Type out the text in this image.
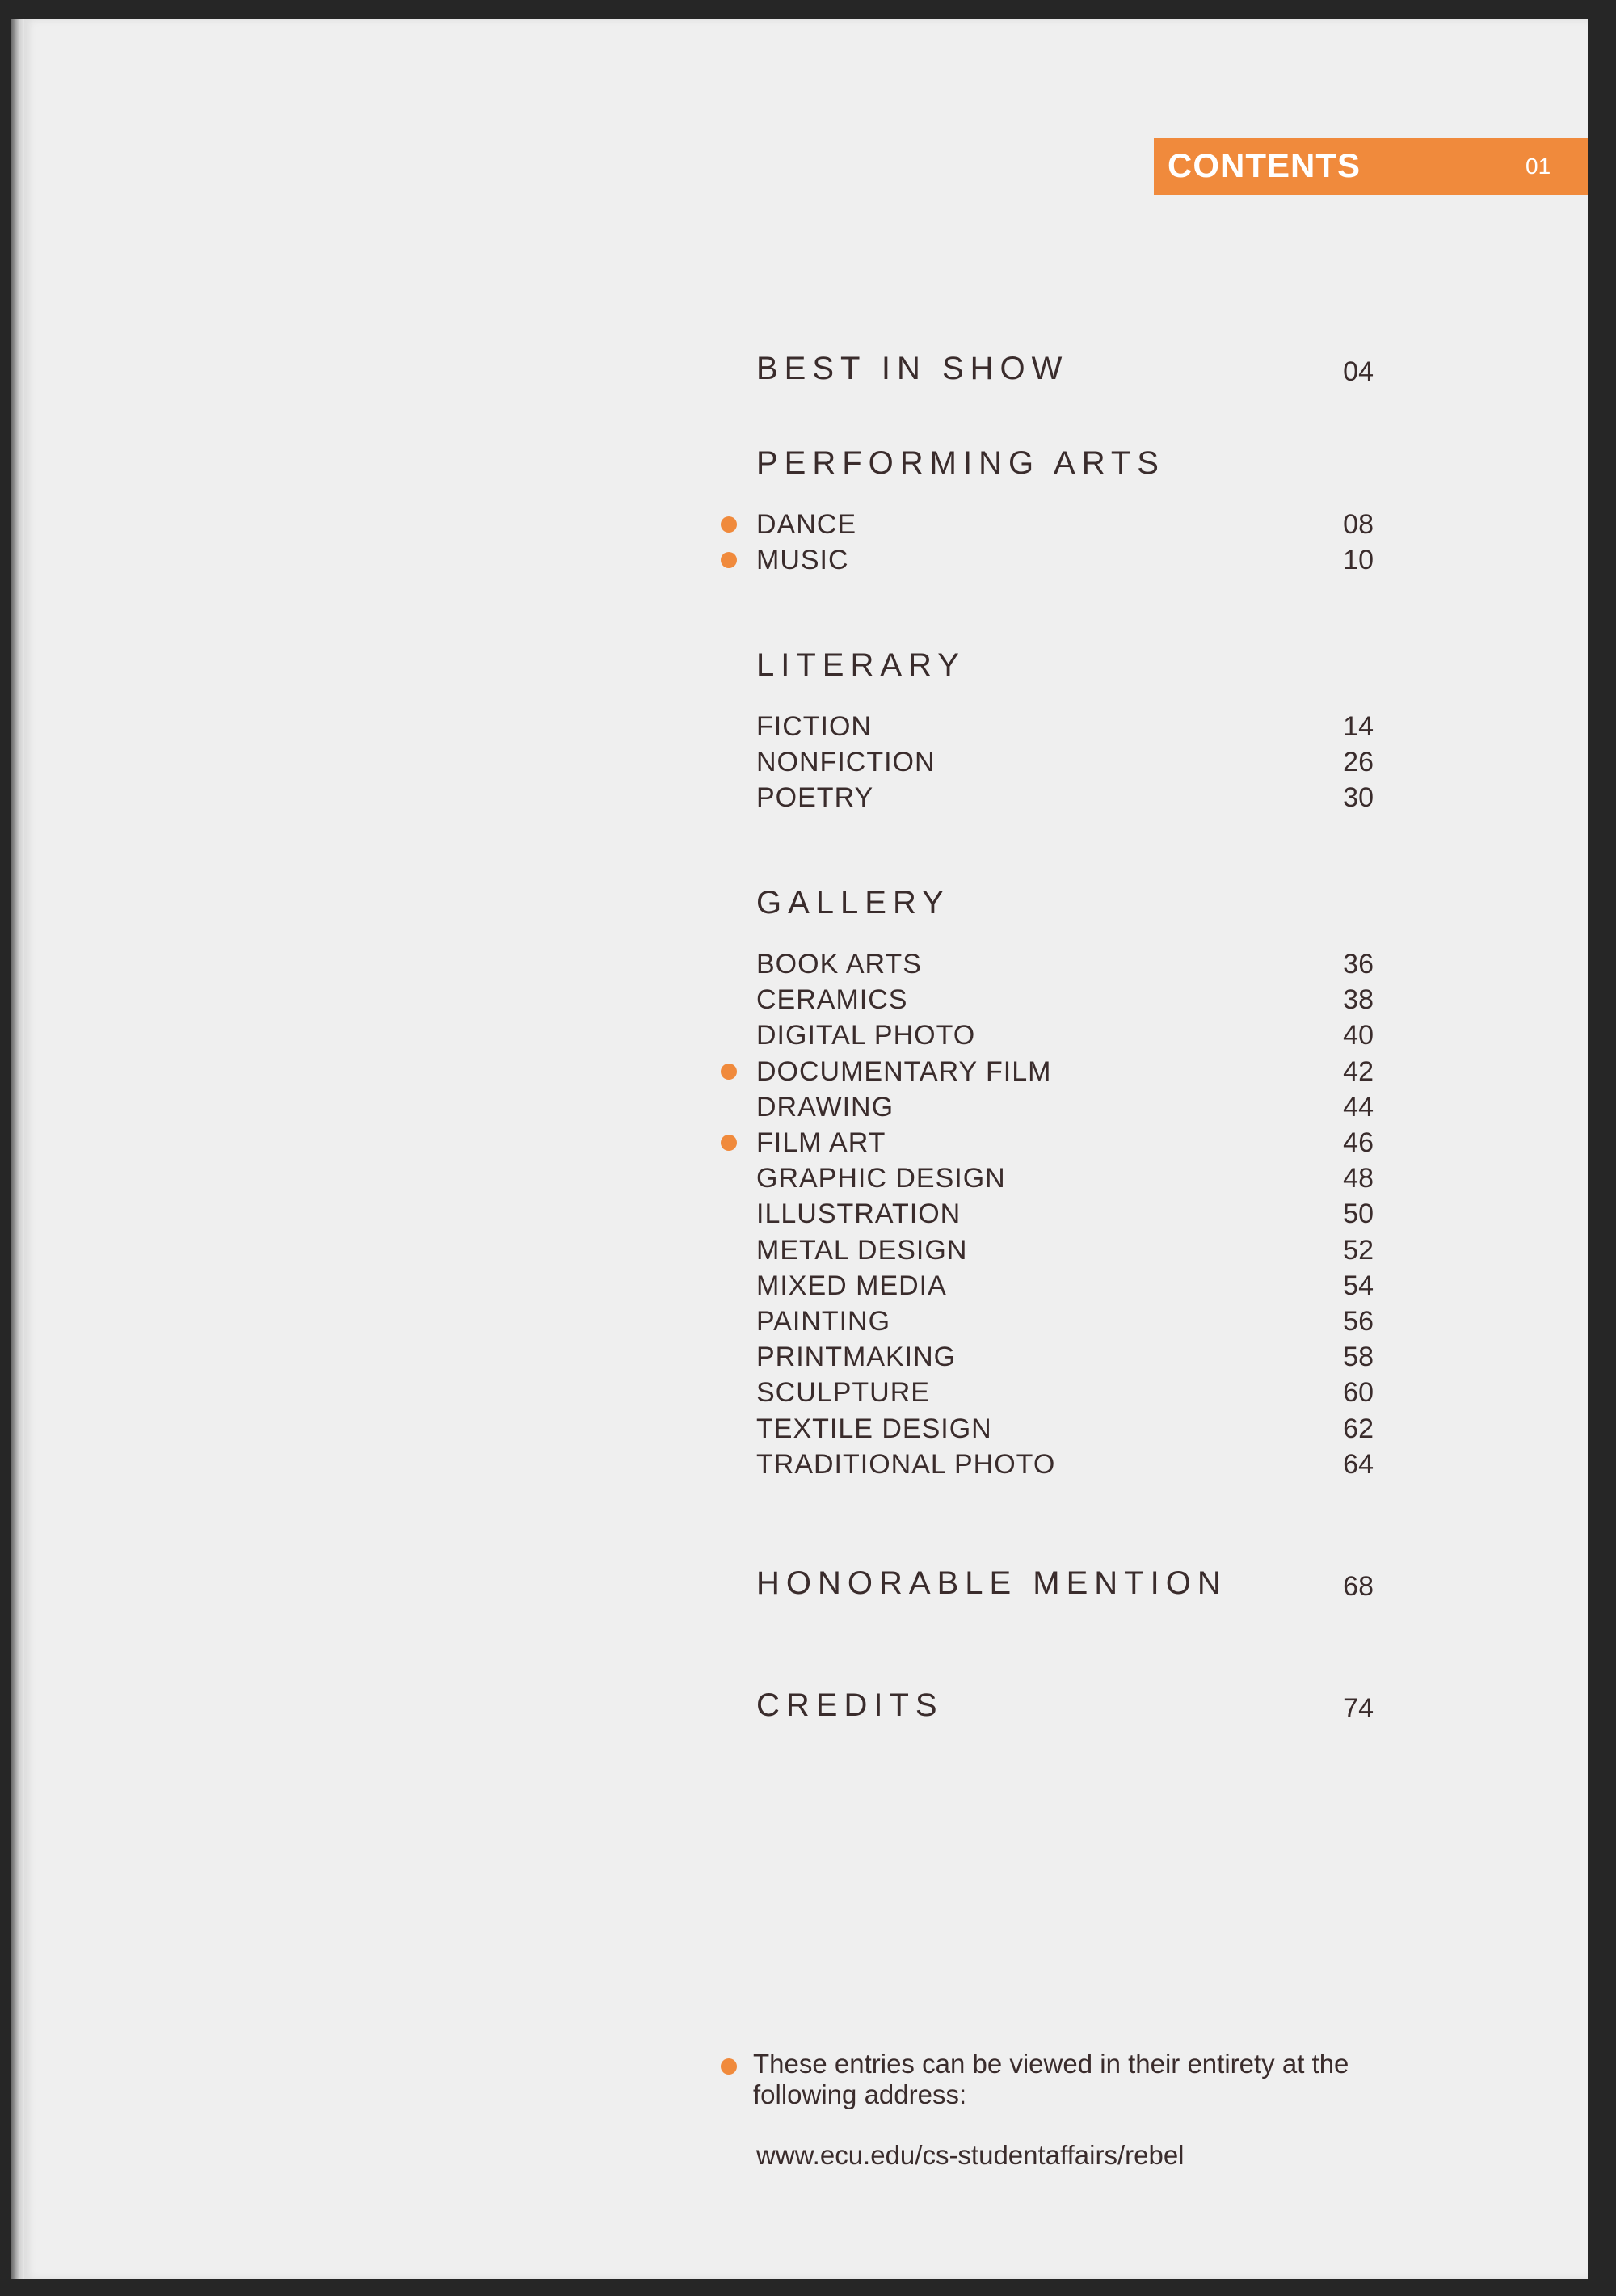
CONTENTS	01
BEST IN SHOW	04
PERFORMING ARTS
DANCE	08
MUSIC	10
LITERARY
FICTION	14
NONFICTION	26
POETRY	30
GALLERY
BOOK ARTS	36
CERAMICS	38
DIGITAL PHOTO	40
DOCUMENTARY FILM	42
DRAWING	44
FILM ART	46
GRAPHIC DESIGN	48
ILLUSTRATION	50
METAL DESIGN	52
MIXED MEDIA	54
PAINTING	56
PRINTMAKING	58
SCULPTURE	60
TEXTILE DESIGN	62
TRADITIONAL PHOTO	64
HONORABLE MENTION	68
CREDITS	74
These entries can be viewed in their entirety at the following address:
www.ecu.edu/cs-studentaffairs/rebel
